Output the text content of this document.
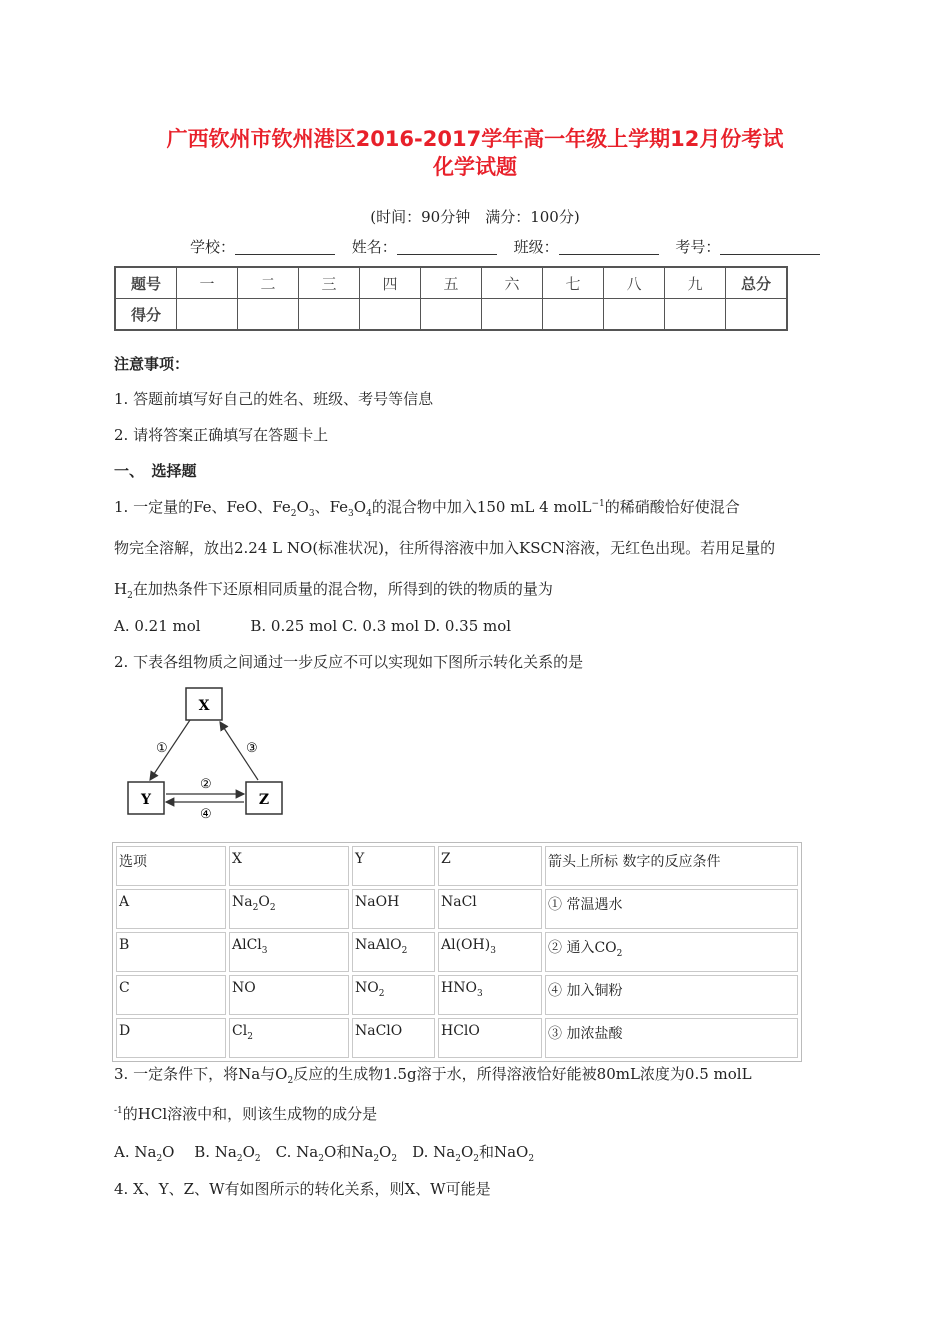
广西钦州市钦州港区2016-2017学年高一年级上学期12月份考试
化学试题
(时间：90分钟　满分：100分)
学校：	姓名：	班级：	考号：
题号	一	二	三	四	五	六	七	八	九	总分
得分										
注意事项：
1. 答题前填写好自己的姓名、班级、考号等信息
2. 请将答案正确填写在答题卡上
一、　选择题
1. 一定量的Fe、FeO、$Fe_2O_3$、$Fe_3O_4$的混合物中加入150 mL 4 molL$^{-1}$的稀硝酸恰好使混合
物完全溶解，放出2.24 L NO(标准状况)，往所得溶液中加入KSCN溶液，无红色出现。若用足量的
$H_2$在加热条件下还原相同质量的混合物，所得到的铁的物质的量为
A. 0.21 mol　　　 B. 0.25 mol C. 0.3 mol D. 0.35 mol
2. 下表各组物质之间通过一步反应不可以实现如下图所示转化关系的是
X
Y	Z
①	③
②
④
选项	X	Y	Z	箭头上所标 数字的反应条件
A	$Na_2O_2$	NaOH	NaCl	① 常温遇水
B	AlCl$_3$	NaAlO$_2$	$Al(OH)_3$	② 通入$CO_2$
C	NO	$NO_2$	$HNO_3$	④ 加入铜粉
D	$Cl_2$	NaClO	HClO	③ 加浓盐酸
3. 一定条件下，将Na与$O_2$反应的生成物1.5g溶于水，所得溶液恰好能被80mL浓度为0.5 molL
$^{-1}$的HCl溶液中和，则该生成物的成分是
A. $Na_2O$　 B. $Na_2O_2$　C. $Na_2O$和$Na_2O_2$　D. $Na_2O_2$和NaO$_2$
4. X、Y、Z、W有如图所示的转化关系，则X、W可能是
